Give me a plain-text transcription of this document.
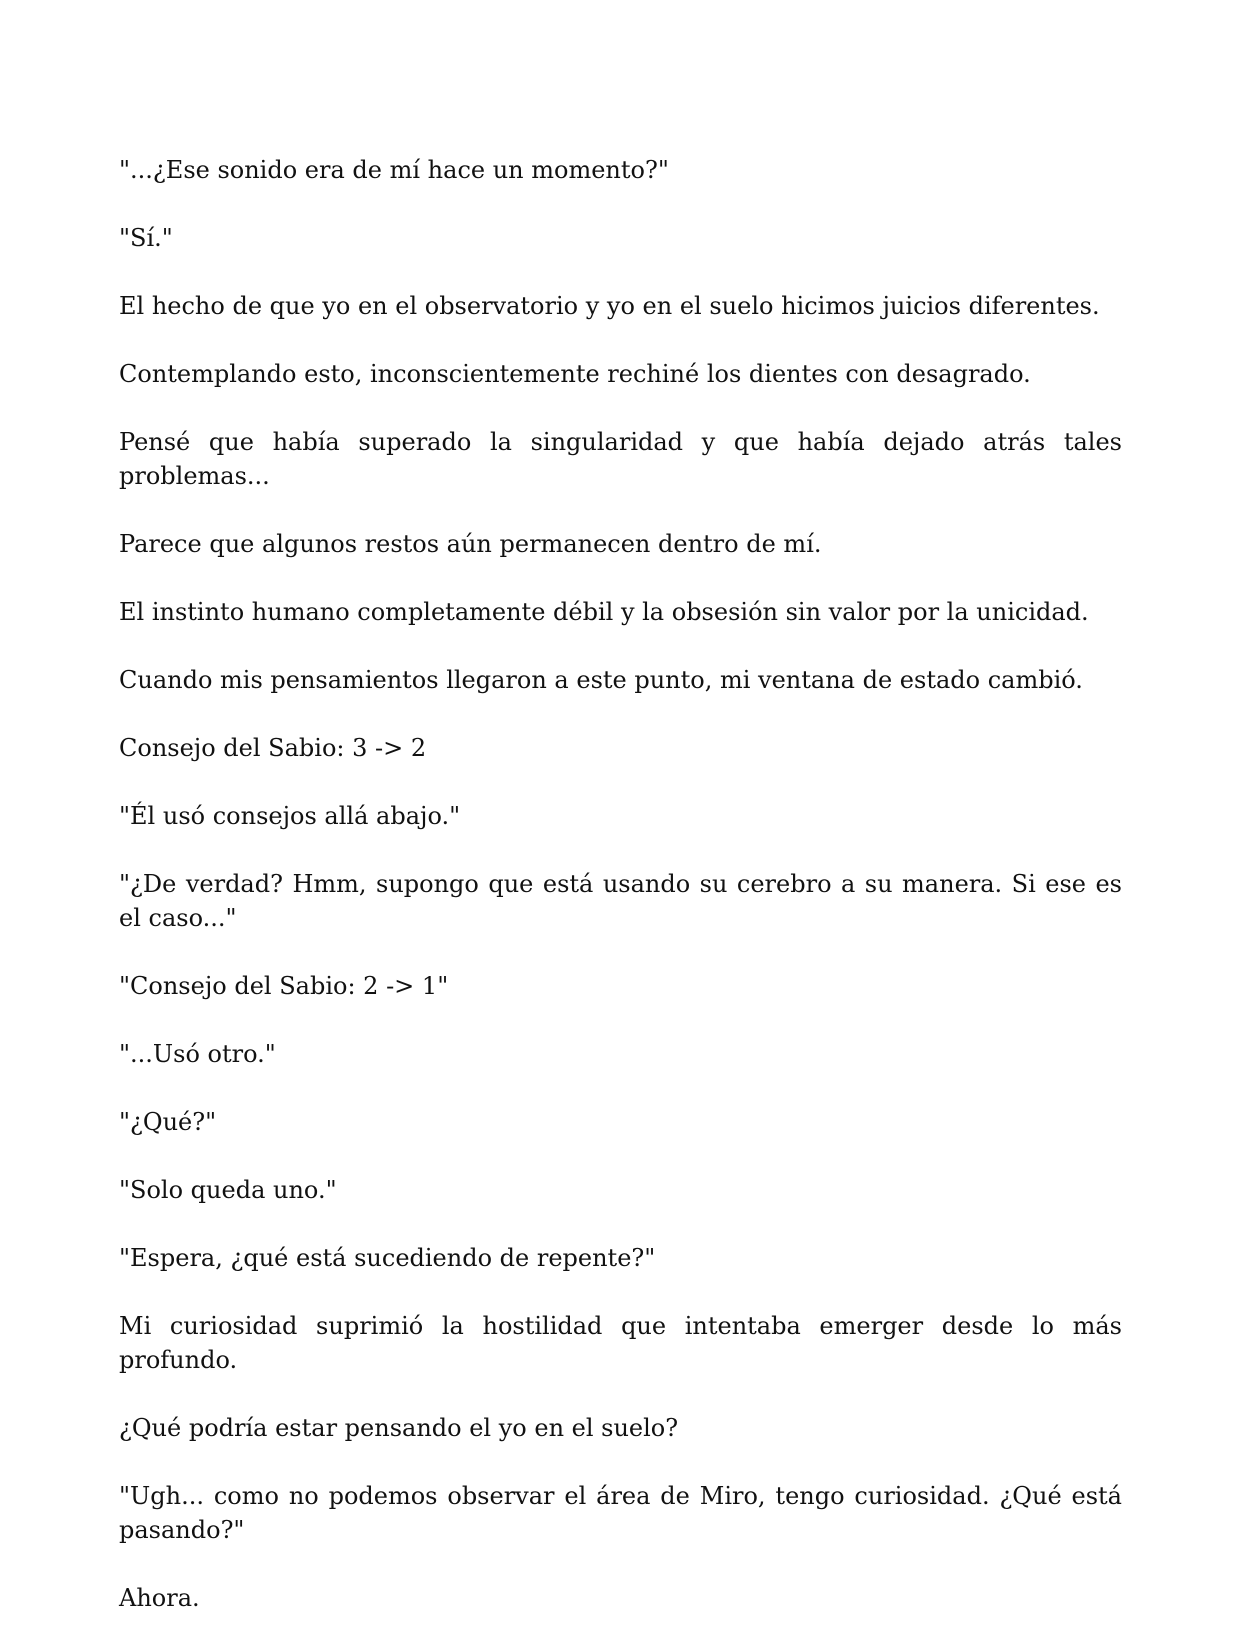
"...¿Ese sonido era de mí hace un momento?"

"Sí."

El hecho de que yo en el observatorio y yo en el suelo hicimos juicios diferentes.

Contemplando esto, inconscientemente rechiné los dientes con desagrado.

Pensé que había superado la singularidad y que había dejado atrás tales problemas...

Parece que algunos restos aún permanecen dentro de mí.

El instinto humano completamente débil y la obsesión sin valor por la unicidad.

Cuando mis pensamientos llegaron a este punto, mi ventana de estado cambió.

Consejo del Sabio: 3 -> 2

"Él usó consejos allá abajo."

"¿De verdad? Hmm, supongo que está usando su cerebro a su manera. Si ese es el caso..."

"Consejo del Sabio: 2 -> 1"

"...Usó otro."

"¿Qué?"

"Solo queda uno."

"Espera, ¿qué está sucediendo de repente?"

Mi curiosidad suprimió la hostilidad que intentaba emerger desde lo más profundo.

¿Qué podría estar pensando el yo en el suelo?

"Ugh... como no podemos observar el área de Miro, tengo curiosidad. ¿Qué está pasando?"

Ahora.
